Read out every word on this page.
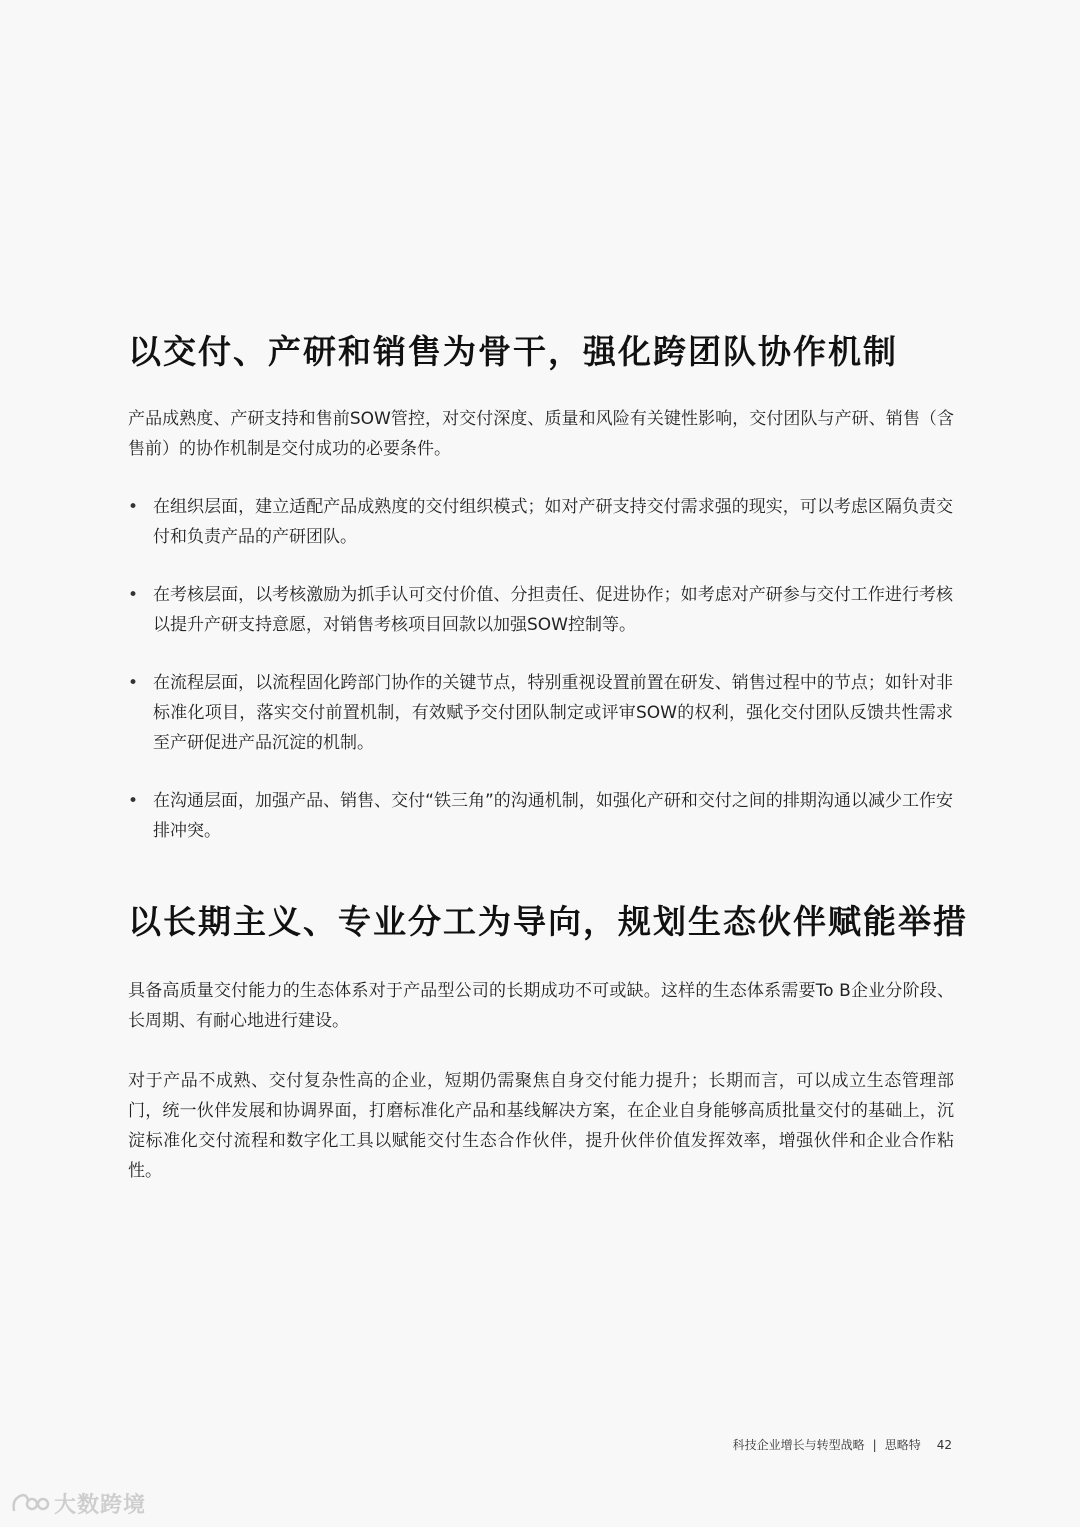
以交付、产研和销售为骨干，强化跨团队协作机制

产品成熟度、产研支持和售前SOW管控，对交付深度、质量和风险有关键性影响，交付团队与产研、销售（含售前）的协作机制是交付成功的必要条件。

• 在组织层面，建立适配产品成熟度的交付组织模式；如对产研支持交付需求强的现实，可以考虑区隔负责交付和负责产品的产研团队。
• 在考核层面，以考核激励为抓手认可交付价值、分担责任、促进协作；如考虑对产研参与交付工作进行考核以提升产研支持意愿，对销售考核项目回款以加强SOW控制等。
• 在流程层面，以流程固化跨部门协作的关键节点，特别重视设置前置在研发、销售过程中的节点；如针对非标准化项目，落实交付前置机制，有效赋予交付团队制定或评审SOW的权利，强化交付团队反馈共性需求至产研促进产品沉淀的机制。
• 在沟通层面，加强产品、销售、交付“铁三角”的沟通机制，如强化产研和交付之间的排期沟通以减少工作安排冲突。
以长期主义、专业分工为导向，规划生态伙伴赋能举措

具备高质量交付能力的生态体系对于产品型公司的长期成功不可或缺。这样的生态体系需要To B企业分阶段、长周期、有耐心地进行建设。

对于产品不成熟、交付复杂性高的企业，短期仍需聚焦自身交付能力提升；长期而言，可以成立生态管理部门，统一伙伴发展和协调界面，打磨标准化产品和基线解决方案，在企业自身能够高质批量交付的基础上，沉淀标准化交付流程和数字化工具以赋能交付生态合作伙伴，提升伙伴价值发挥效率，增强伙伴和企业合作粘性。

科技企业增长与转型战略 | 思略特 42
大数跨境
